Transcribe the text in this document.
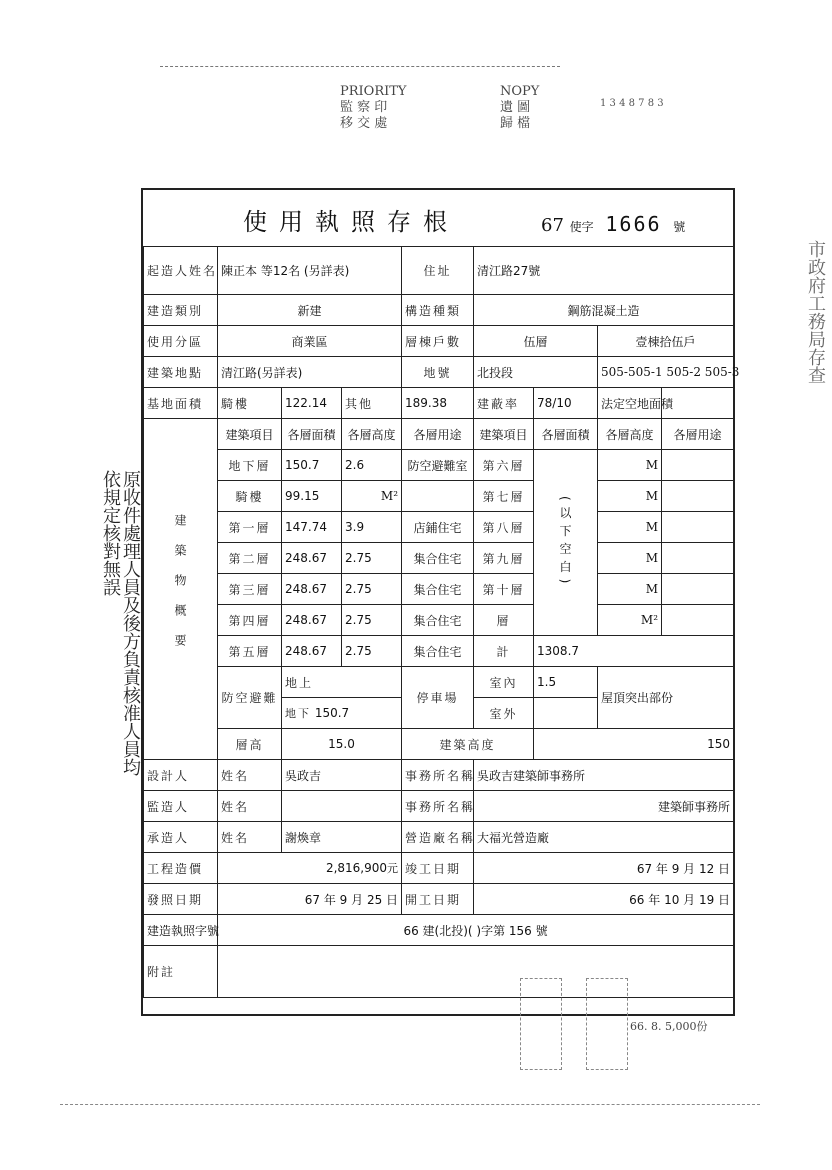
PRIORITY
監 察 印
移 交 處
NOPY
遺 圖
歸 檔
1 3 4 8 7 8 3
市政府工務局存查
原收件處理人員及後方負責核准人員均依規定核對無誤
使用執照存根	67 使字 1666 號
起造人姓名	陳正本 等12名 (另詳表)			住址	清江路27號			
建造類別	新建			構造種類	鋼筋混凝土造			
使用分區	商業區			層棟戶數	伍層		壹棟拾伍戶	
建築地點	清江路(另詳表)			地號	北投段		505-505-1 505-2 505-3	
基地面積	騎樓	122.14	其他	189.38	建蔽率	78/10	法定空地面積	
建築物概要	建築項目	各層面積	各層高度	各層用途	建築項目	各層面積	各層高度	各層用途
	地下層	150.7	2.6	防空避難室	第六層	(以下空白)	M	
	騎樓	99.15	M²		第七層		M	
	第一層	147.74	3.9	店鋪住宅	第八層		M	
	第二層	248.67	2.75	集合住宅	第九層		M	
	第三層	248.67	2.75	集合住宅	第十層		M	
	第四層	248.67	2.75	集合住宅	層		M²	
	第五層	248.67	2.75	集合住宅	計	1308.7		
	防空避難	地上		停車場	室內	1.5	屋頂突出部份	
		地下 150.7			室外			
	層高	15.0		建築高度		150		
設計人	姓名	吳政吉		事務所名稱	吳政吉建築師事務所			
監造人	姓名			事務所名稱	建築師事務所			
承造人	姓名	謝煥章		營造廠名稱	大福光營造廠			
工程造價	2,816,900元			竣工日期	67 年 9 月 12 日			
發照日期	67 年 9 月 25 日			開工日期	66 年 10 月 19 日			
建造執照字號	66 建(北投)( )字第 156 號							
附註								
66. 8. 5,000份
